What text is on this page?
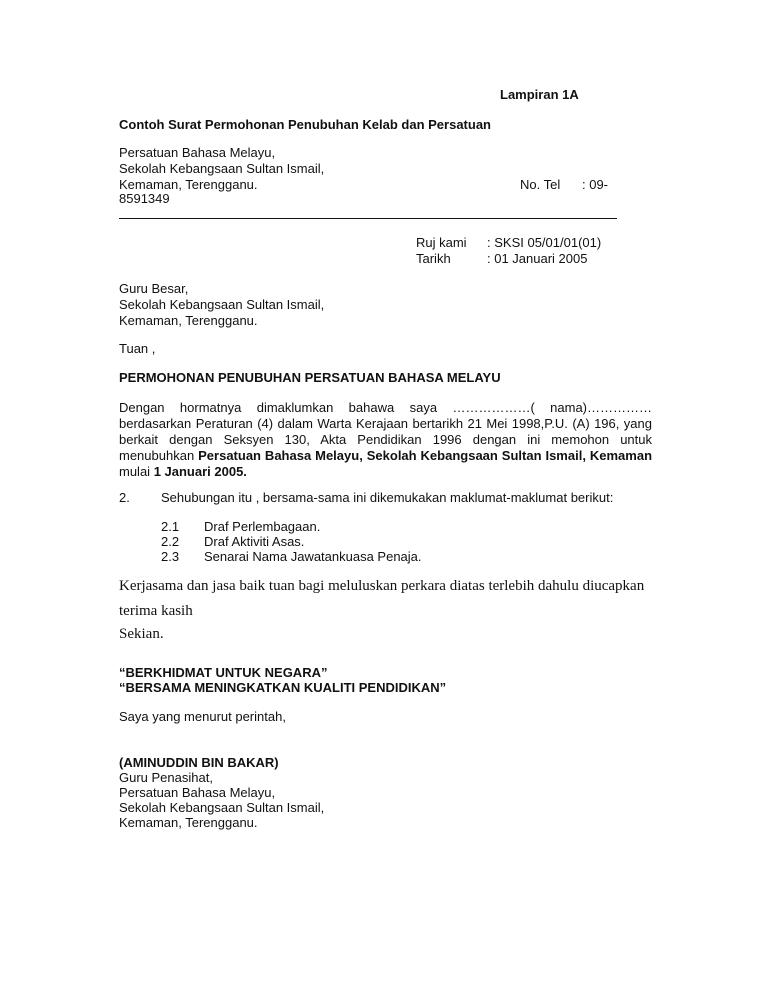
Lampiran 1A
Contoh Surat Permohonan Penubuhan Kelab dan Persatuan
Persatuan Bahasa Melayu,
Sekolah Kebangsaan Sultan Ismail,
Kemaman, Terengganu.	No. Tel : 09-
8591349
Ruj kami : SKSI 05/01/01(01)
Tarikh	: 01 Januari 2005
Guru Besar,
Sekolah Kebangsaan Sultan Ismail,
Kemaman, Terengganu.
Tuan ,
PERMOHONAN PENUBUHAN PERSATUAN BAHASA MELAYU
Dengan hormatnya dimaklumkan bahawa saya ………………( nama)…………… berdasarkan Peraturan (4) dalam Warta Kerajaan bertarikh 21 Mei 1998,P.U. (A) 196, yang berkait dengan Seksyen 130, Akta Pendidikan 1996 dengan ini memohon untuk menubuhkan Persatuan Bahasa Melayu, Sekolah Kebangsaan Sultan Ismail, Kemaman mulai 1 Januari 2005.
2. Sehubungan itu , bersama-sama ini dikemukakan maklumat-maklumat berikut:
2.1 Draf Perlembagaan.
2.2 Draf Aktiviti Asas.
2.3 Senarai Nama Jawatankuasa Penaja.
Kerjasama dan jasa baik tuan bagi meluluskan perkara diatas terlebih dahulu diucapkan
terima kasih
Sekian.
“BERKHIDMAT UNTUK NEGARA”
“BERSAMA MENINGKATKAN KUALITI PENDIDIKAN”
Saya yang menurut perintah,
(AMINUDDIN BIN BAKAR)
Guru Penasihat,
Persatuan Bahasa Melayu,
Sekolah Kebangsaan Sultan Ismail,
Kemaman, Terengganu.
